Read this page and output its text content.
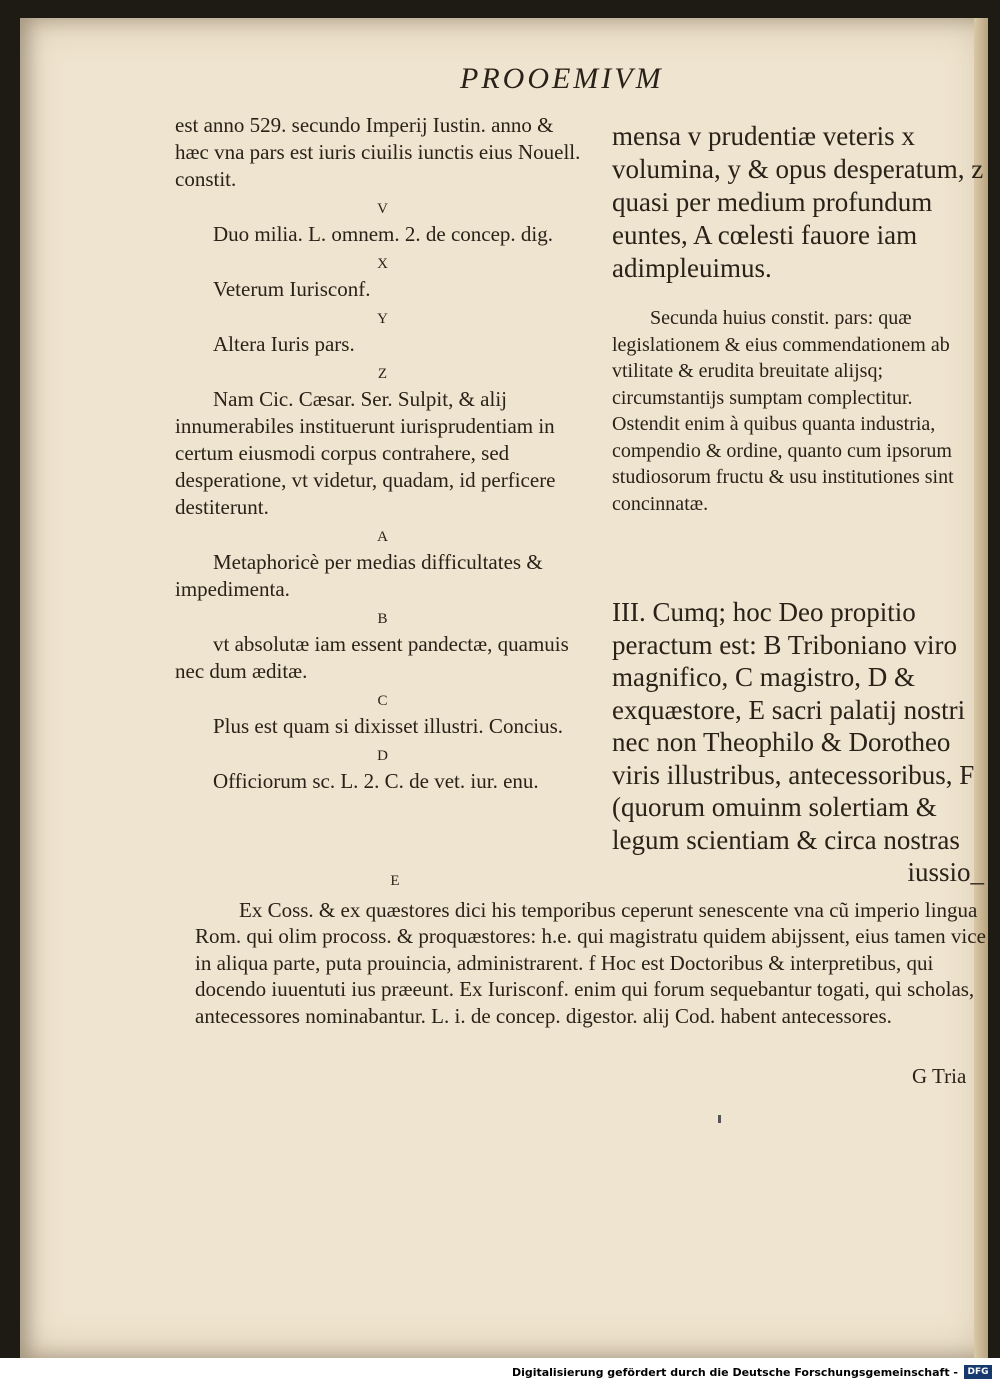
PROOEMIVM

est anno 529. secundo Imperij Iustin. anno & hæc vna pars est iuris ciuilis iunctis eius Nouell. constit.

V

Duo milia. L. omnem. 2. de concep. dig.

X

Veterum Iurisconf.

Y

Altera Iuris pars.

Z

Nam Cic. Cæsar. Ser. Sulpit, & alij innumerabiles instituerunt iurisprudentiam in certum eiusmodi corpus contrahere, sed desperatione, vt videtur, quadam, id perficere destiterunt.

A

Metaphoricè per medias difficultates & impedimenta.

B

vt absolutæ iam essent pandectæ, quamuis nec dum æditæ.

C

Plus est quam si dixisset illustri. Concius.

D

Officiorum sc. L. 2. C. de vet. iur. enu.

mensa v prudentiæ veteris x volumina, y & opus desperatum, z quasi per medium profundum euntes, A cœlesti fauore iam adimpleuimus.
Secunda huius constit. pars: quæ legislationem & eius commendationem ab vtilitate & erudita breuitate alijsq; circumstantijs sumptam complectitur. Ostendit enim à quibus quanta industria, compendio & ordine, quanto cum ipsorum studiosorum fructu & usu institutiones sint concinnatæ.
III. Cumq; hoc Deo propitio peractum est: B Triboniano viro magnifico, C magistro, D & exquæstore, E sacri palatij nostri nec non Theophilo & Dorotheo viris illustribus, antecessoribus, F (quorum omuinm solertiam & legum scientiam & circa nostras
iussio_
E
Ex Coss. & ex quæstores dici his temporibus ceperunt senescente vna cũ imperio lingua Rom. qui olim procoss. & proquæstores: h.e. qui magistratu quidem abijssent, eius tamen vice in aliqua parte, puta prouincia, administrarent. f Hoc est Doctoribus & interpretibus, qui docendo iuuentuti ius præeunt. Ex Iurisconf. enim qui forum sequebantur togati, qui scholas, antecessores nominabantur. L. i. de concep. digestor. alij Cod. habent antecessores.
G Tria
Digitalisierung gefördert durch die Deutsche Forschungsgemeinschaft -	DFG
